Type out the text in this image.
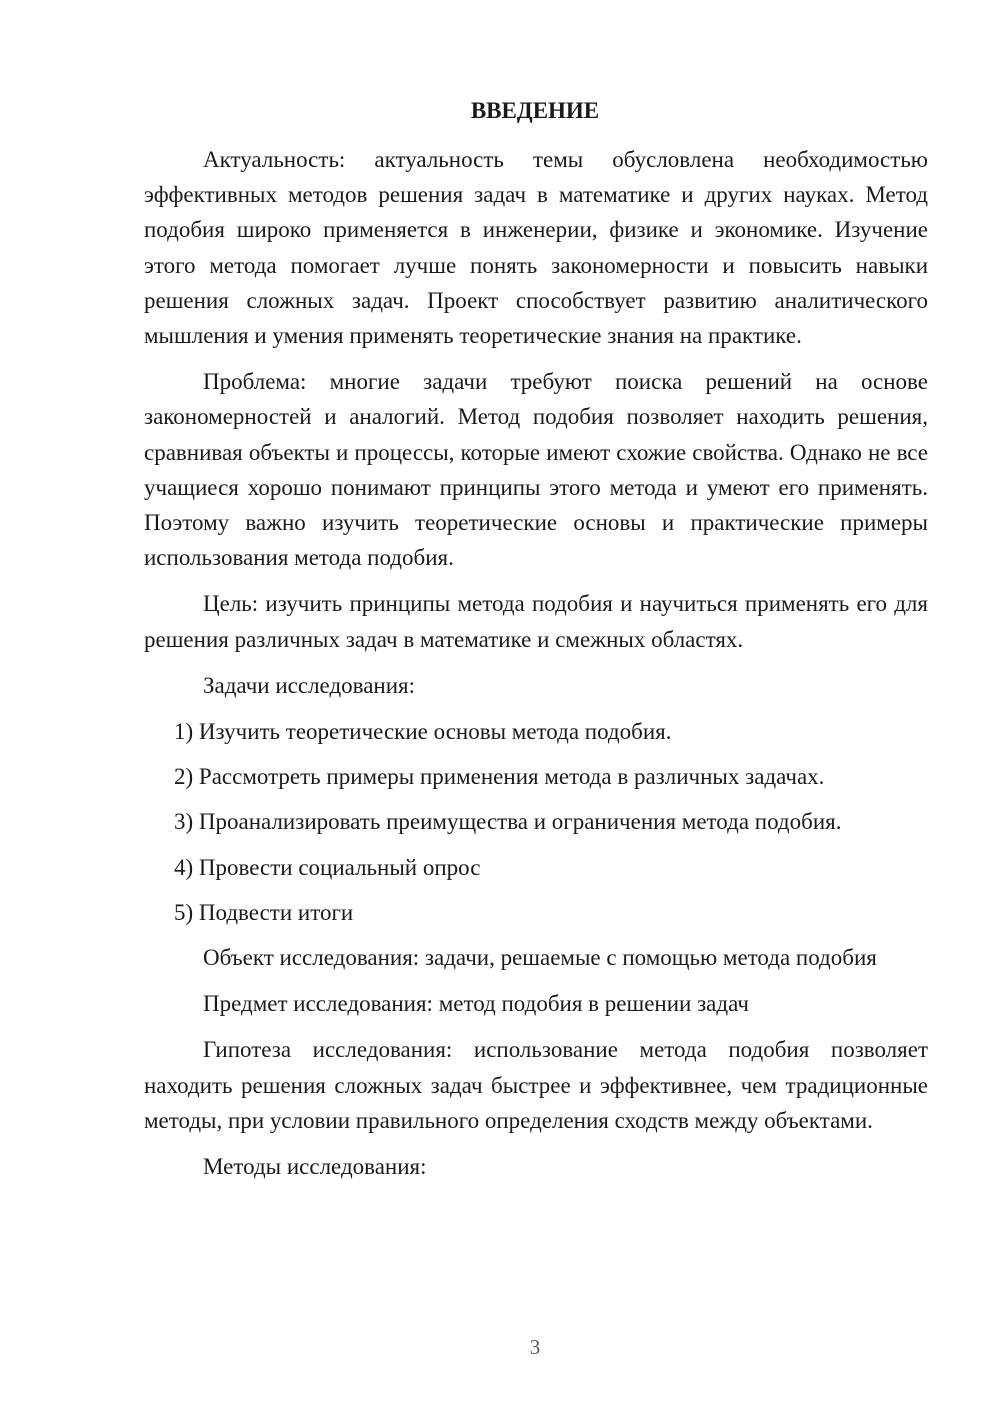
ВВЕДЕНИЕ

Актуальность: актуальность темы обусловлена необходимостью эффективных методов решения задач в математике и других науках. Метод подобия широко применяется в инженерии, физике и экономике. Изучение этого метода помогает лучше понять закономерности и повысить навыки решения сложных задач. Проект способствует развитию аналитического мышления и умения применять теоретические знания на практике.

Проблема: многие задачи требуют поиска решений на основе закономерностей и аналогий. Метод подобия позволяет находить решения, сравнивая объекты и процессы, которые имеют схожие свойства. Однако не все учащиеся хорошо понимают принципы этого метода и умеют его применять. Поэтому важно изучить теоретические основы и практические примеры использования метода подобия.

Цель: изучить принципы метода подобия и научиться применять его для решения различных задач в математике и смежных областях.

Задачи исследования:

1) Изучить теоретические основы метода подобия.
2) Рассмотреть примеры применения метода в различных задачах.
3) Проанализировать преимущества и ограничения метода подобия.
4) Провести социальный опрос
5) Подвести итоги

Объект исследования: задачи, решаемые с помощью метода подобия

Предмет исследования: метод подобия в решении задач

Гипотеза исследования: использование метода подобия позволяет находить решения сложных задач быстрее и эффективнее, чем традиционные методы, при условии правильного определения сходств между объектами.

Методы исследования:

3
